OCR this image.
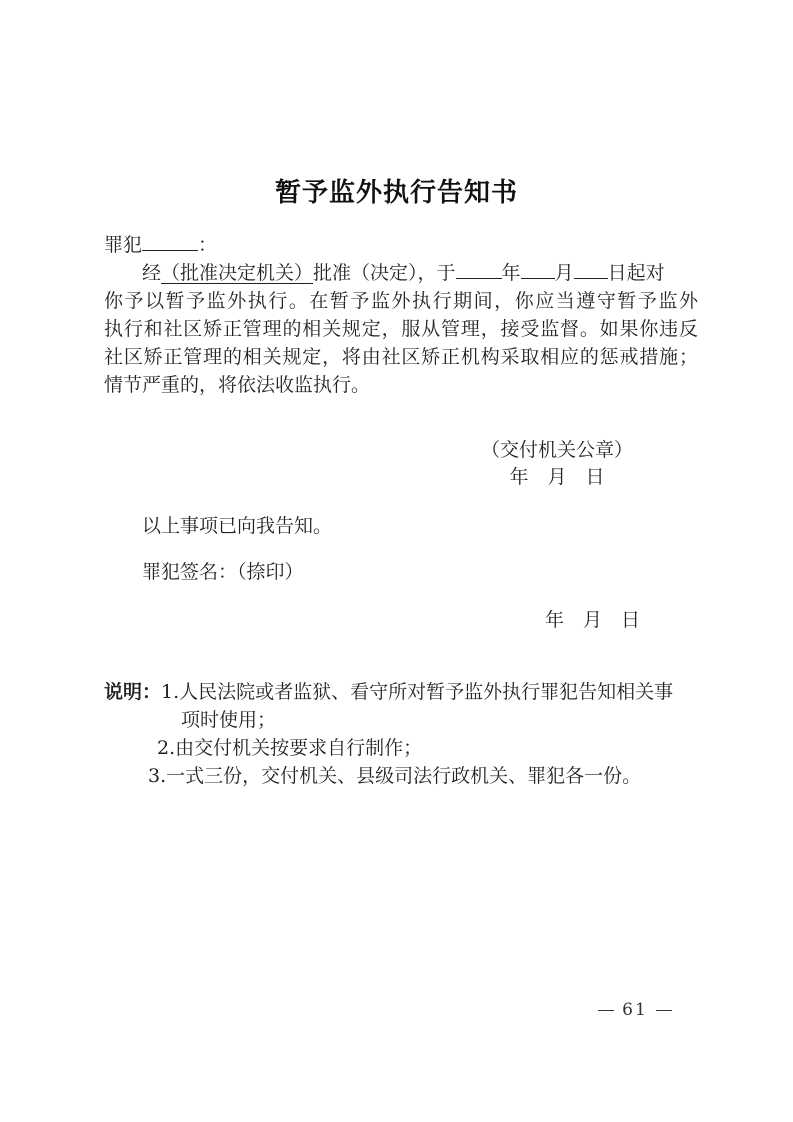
暂予监外执行告知书
罪犯	：
经（批准决定机关）批准（决定），于 年 月 日起对
你予以暂予监外执行。在暂予监外执行期间，你应当遵守暂予监外
执行和社区矫正管理的相关规定，服从管理，接受监督。如果你违反
社区矫正管理的相关规定，将由社区矫正机构采取相应的惩戒措施；
情节严重的，将依法收监执行。
（交付机关公章）
年　月　日
以上事项已向我告知。
罪犯签名：（捺印）
年　月　日
说明：1.人民法院或者监狱、看守所对暂予监外执行罪犯告知相关事
项时使用；
2.由交付机关按要求自行制作；
3.一式三份，交付机关、县级司法行政机关、罪犯各一份。
61
